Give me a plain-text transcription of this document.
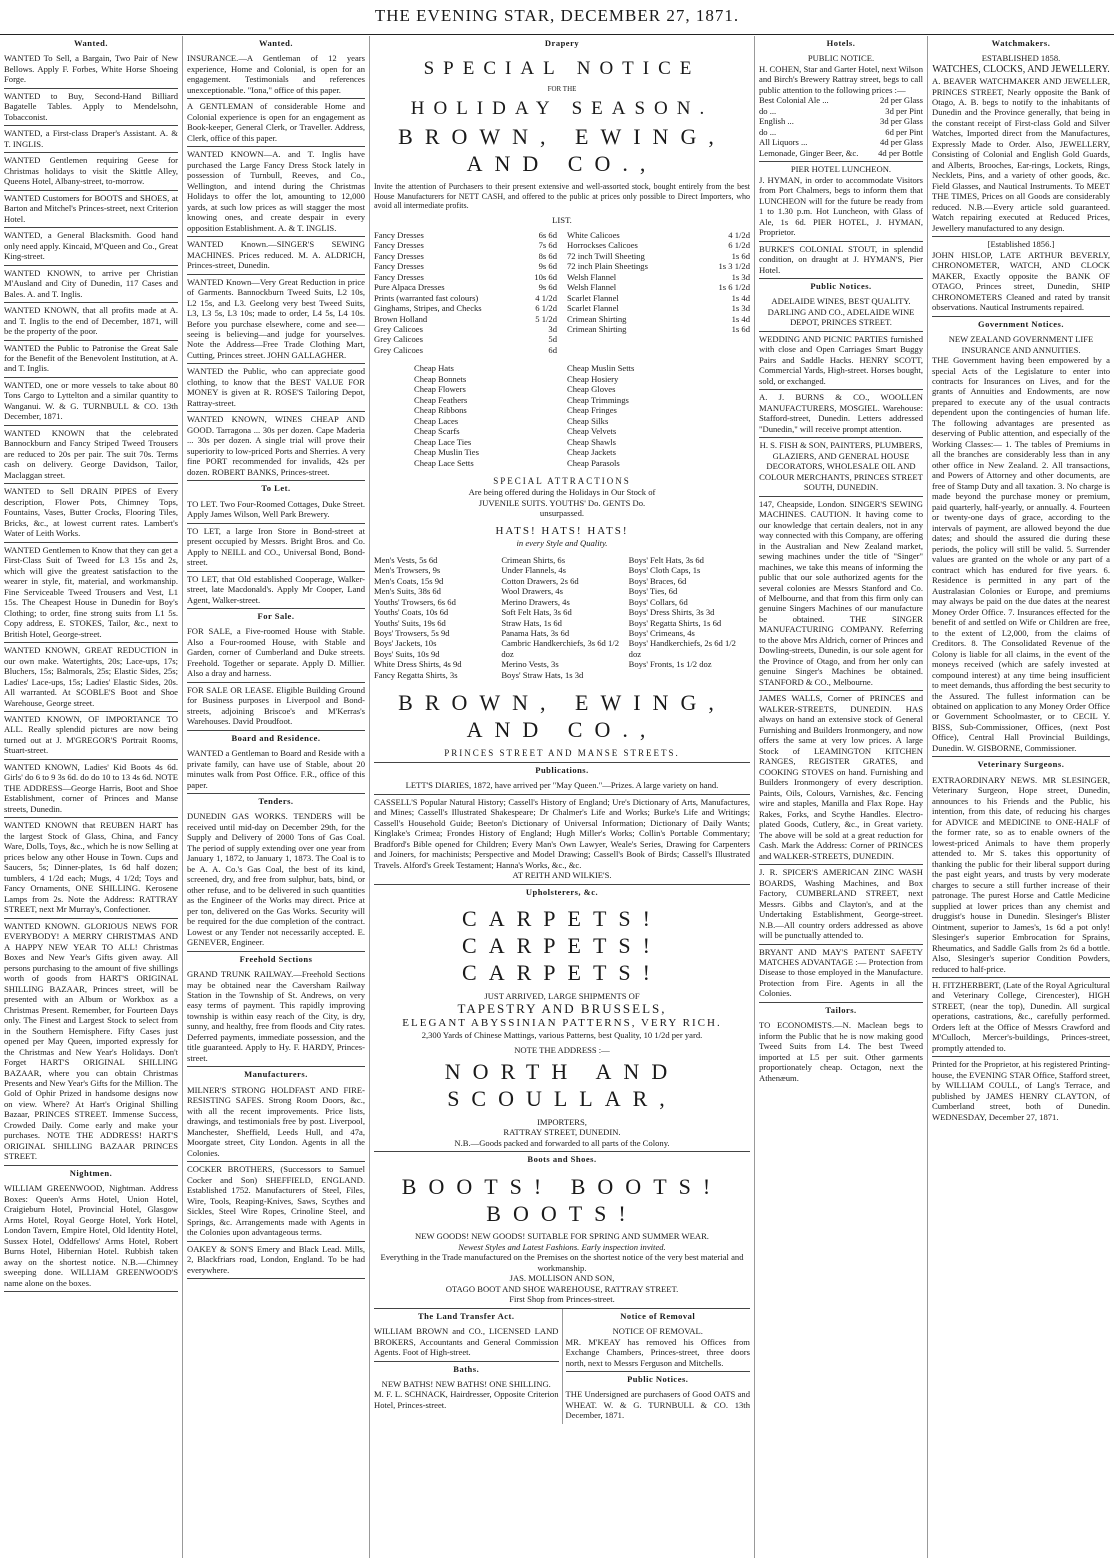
THE EVENING STAR, DECEMBER 27, 1871.
Wanted.

WANTED To Sell, a Bargain, Two Pair of New Bellows. Apply F. Forbes, White Horse Shoeing Forge.

WANTED to Buy, Second-Hand Billiard Bagatelle Tables. Apply to Mendelsohn, Tobacconist.

WANTED, a First-class Draper's Assistant. A. & T. INGLIS.

WANTED Gentlemen requiring Geese for Christmas holidays to visit the Skittle Alley, Queens Hotel, Albany-street, to-morrow.

WANTED Customers for BOOTS and SHOES, at Barton and Mitchel's Princes-street, next Criterion Hotel.

WANTED, a General Blacksmith. Good hand only need apply. Kincaid, M'Queen and Co., Great King-street.

WANTED KNOWN, to arrive per Christian M'Ausland and City of Dunedin, 117 Cases and Bales. A. and T. Inglis.

WANTED KNOWN, that all profits made at A. and T. Inglis to the end of December, 1871, will be the property of the poor.

WANTED the Public to Patronise the Great Sale for the Benefit of the Benevolent Institution, at A. and T. Inglis.

WANTED, one or more vessels to take about 80 Tons Cargo to Lyttelton and a similar quantity to Wanganui. W. & G. TURNBULL & CO. 13th December, 1871.

WANTED KNOWN that the celebrated Bannockburn and Fancy Striped Tweed Trousers are reduced to 20s per pair. The suit 70s. Terms cash on delivery. George Davidson, Tailor, Maclaggan street.

WANTED to Sell DRAIN PIPES of Every description, Flower Pots, Chimney Tops, Fountains, Vases, Butter Crocks, Flooring Tiles, Bricks, &c., at lowest current rates. Lambert's Water of Leith Works.

WANTED Gentlemen to Know that they can get a First-Class Suit of Tweed for L3 15s and 2s, which will give the greatest satisfaction to the wearer in style, fit, material, and workmanship. Fine Serviceable Tweed Trousers and Vest, L1 15s. The Cheapest House in Dunedin for Boy's Clothing; to order, fine strong suits from L1 5s. Copy address, E. STOKES, Tailor, &c., next to British Hotel, George-street.

WANTED KNOWN, GREAT REDUCTION in our own make. Watertights, 20s; Lace-ups, 17s; Bluchers, 15s; Balmorals, 25s; Elastic Sides, 25s; Ladies' Lace-ups, 15s; Ladies' Elastic Sides, 20s. All warranted. At SCOBLE'S Boot and Shoe Warehouse, George street.

WANTED KNOWN, OF IMPORTANCE TO ALL. Really splendid pictures are now being turned out at J. M'GREGOR'S Portrait Rooms, Stuart-street.

WANTED KNOWN, Ladies' Kid Boots 4s 6d. Girls' do 6 to 9 3s 6d. do do 10 to 13 4s 6d. NOTE THE ADDRESS—George Harris, Boot and Shoe Establishment, corner of Princes and Manse streets, Dunedin.

WANTED KNOWN that REUBEN HART has the largest Stock of Glass, China, and Fancy Ware, Dolls, Toys, &c., which he is now Selling at prices below any other House in Town. Cups and Saucers, 5s; Dinner-plates, 1s 6d half dozen; tumblers, 4 1/2d each; Mugs, 4 1/2d; Toys and Fancy Ornaments, ONE SHILLING. Kerosene Lamps from 2s. Note the Address: RATTRAY STREET, next Mr Murray's, Confectioner.

WANTED KNOWN. GLORIOUS NEWS FOR EVERYBODY! A MERRY CHRISTMAS AND A HAPPY NEW YEAR TO ALL! Christmas Boxes and New Year's Gifts given away. All persons purchasing to the amount of five shillings worth of goods from HART'S ORIGINAL SHILLING BAZAAR, Princes street, will be presented with an Album or Workbox as a Christmas Present. Remember, for Fourteen Days only. The Finest and Largest Stock to select from in the Southern Hemisphere. Fifty Cases just opened per May Queen, imported expressly for the Christmas and New Year's Holidays. Don't Forget HART'S ORIGINAL SHILLING BAZAAR, where you can obtain Christmas Presents and New Year's Gifts for the Million. The Gold of Ophir Prized in handsome designs now on view. Where? At Hart's Original Shilling Bazaar, PRINCES STREET. Immense Success, Crowded Daily. Come early and make your purchases. NOTE THE ADDRESS! HART'S ORIGINAL SHILLING BAZAAR PRINCES STREET.

Nightmen.

WILLIAM GREENWOOD, Nightman. Address Boxes: Queen's Arms Hotel, Union Hotel, Craigieburn Hotel, Provincial Hotel, Glasgow Arms Hotel, Royal George Hotel, York Hotel, London Tavern, Empire Hotel, Old Identity Hotel, Sussex Hotel, Oddfellows' Arms Hotel, Robert Burns Hotel, Hibernian Hotel. Rubbish taken away on the shortest notice. N.B.—Chimney sweeping done. WILLIAM GREENWOOD'S name alone on the boxes.

Wanted.

INSURANCE.—A Gentleman of 12 years experience, Home and Colonial, is open for an engagement. Testimonials and references unexceptionable. "Iona," office of this paper.

A GENTLEMAN of considerable Home and Colonial experience is open for an engagement as Book-keeper, General Clerk, or Traveller. Address, Clerk, office of this paper.

WANTED KNOWN—A. and T. Inglis have purchased the Large Fancy Dress Stock lately in possession of Turnbull, Reeves, and Co., Wellington, and intend during the Christmas Holidays to offer the lot, amounting to 12,000 yards, at such low prices as will stagger the most knowing ones, and create despair in every opposition Establishment. A. & T. INGLIS.

WANTED Known.—SINGER'S SEWING MACHINES. Prices reduced. M. A. ALDRICH, Princes-street, Dunedin.

WANTED Known—Very Great Reduction in price of Garments. Bannockburn Tweed Suits, L2 10s, L2 15s, and L3. Geelong very best Tweed Suits, L3, L3 5s, L3 10s; made to order, L4 5s, L4 10s. Before you purchase elsewhere, come and see—seeing is believing—and judge for yourselves. Note the Address—Free Trade Clothing Mart, Cutting, Princes street. JOHN GALLAGHER.

WANTED the Public, who can appreciate good clothing, to know that the BEST VALUE FOR MONEY is given at R. ROSE'S Tailoring Depot, Rattray-street.

WANTED KNOWN, WINES CHEAP AND GOOD. Tarragona ... 30s per dozen. Cape Maderia ... 30s per dozen. A single trial will prove their superiority to low-priced Ports and Sherries. A very fine PORT recommended for invalids, 42s per dozen. ROBERT BANKS, Princes-street.

To Let.

TO LET. Two Four-Roomed Cottages, Duke Street. Apply James Wilson, Well Park Brewery.

TO LET, a large Iron Store in Bond-street at present occupied by Messrs. Bright Bros. and Co. Apply to NEILL and CO., Universal Bond, Bond-street.

TO LET, that Old established Cooperage, Walker-street, late Macdonald's. Apply Mr Cooper, Land Agent, Walker-street.

For Sale.

FOR SALE, a Five-roomed House with Stable. Also a Four-roomed House, with Stable and Garden, corner of Cumberland and Duke streets. Freehold. Together or separate. Apply D. Millier. Also a dray and harness.

FOR SALE OR LEASE. Eligible Building Ground for Business purposes in Liverpool and Bond-streets, adjoining Briscoe's and M'Kerras's Warehouses. David Proudfoot.

Board and Residence.

WANTED a Gentleman to Board and Reside with a private family, can have use of Stable, about 20 minutes walk from Post Office. F.R., office of this paper.

Tenders.

DUNEDIN GAS WORKS. TENDERS will be received until mid-day on December 29th, for the Supply and Delivery of 2000 Tons of Gas Coal. The period of supply extending over one year from January 1, 1872, to January 1, 1873. The Coal is to be A. A. Co.'s Gas Coal, the best of its kind, screened, dry, and free from sulphur, bats, bind, or other refuse, and to be delivered in such quantities as the Engineer of the Works may direct. Price at per ton, delivered on the Gas Works. Security will be required for the due completion of the contract. Lowest or any Tender not necessarily accepted. E. GENEVER, Engineer.

Freehold Sections

GRAND TRUNK RAILWAY.—Freehold Sections may be obtained near the Caversham Railway Station in the Township of St. Andrews, on very easy terms of payment. This rapidly improving township is within easy reach of the City, is dry, sunny, and healthy, free from floods and City rates. Deferred payments, immediate possession, and the title guaranteed. Apply to Hy. F. HARDY, Princes-street.

Manufacturers.

MILNER'S STRONG HOLDFAST AND FIRE-RESISTING SAFES. Strong Room Doors, &c., with all the recent improvements. Price lists, drawings, and testimonials free by post. Liverpool, Manchester, Sheffield, Leeds Hull, and 47a, Moorgate street, City London. Agents in all the Colonies.

COCKER BROTHERS, (Successors to Samuel Cocker and Son) SHEFFIELD, ENGLAND. Established 1752. Manufacturers of Steel, Files, Wire, Tools, Reaping-Knives, Saws, Scythes and Sickles, Steel Wire Ropes, Crinoline Steel, and Springs, &c. Arrangements made with Agents in the Colonies upon advantageous terms.

OAKEY & SON'S Emery and Black Lead. Mills, 2, Blackfriars road, London, England. To be had everywhere.

Drapery
SPECIAL NOTICE
FOR THE
HOLIDAY SEASON.
BROWN, EWING, AND CO.,

Invite the attention of Purchasers to their present extensive and well-assorted stock, bought entirely from the best House Manufacturers for NETT CASH, and offered to the public at prices only possible to Direct Importers, who avoid all intermediate profits.

LIST.
Fancy Dresses	6s 6d
Fancy Dresses	7s 6d
Fancy Dresses	8s 6d
Fancy Dresses	9s 6d
Fancy Dresses	10s 6d
Pure Alpaca Dresses	9s 6d
Prints (warranted fast colours)	4 1/2d
Ginghams, Stripes, and Checks	6 1/2d
Brown Holland	5 1/2d
Grey Calicoes	3d
Grey Calicoes	5d
Grey Calicoes	6d
White Calicoes	4 1/2d
Horrockses Calicoes	6 1/2d
72 inch Twill Sheeting	1s 6d
72 inch Plain Sheetings	1s 3 1/2d
Welsh Flannel	1s 3d
Welsh Flannel	1s 6 1/2d
Scarlet Flannel	1s 4d
Scarlet Flannel	1s 3d
Crimean Shirting	1s 4d
Crimean Shirting	1s 6d
Cheap Hats
Cheap Bonnets
Cheap Flowers
Cheap Feathers
Cheap Ribbons
Cheap Laces
Cheap Scarfs
Cheap Lace Ties
Cheap Muslin Ties
Cheap Lace Setts
Cheap Muslin Setts
Cheap Hosiery
Cheap Gloves
Cheap Trimmings
Cheap Fringes
Cheap Silks
Cheap Velvets
Cheap Shawls
Cheap Jackets
Cheap Parasols
SPECIAL ATTRACTIONS
Are being offered during the Holidays in Our Stock of
JUVENILE SUITS. YOUTHS' Do. GENTS Do.
unsurpassed.
HATS! HATS! HATS!
in every Style and Quality.
Men's Vests, 5s 6d
Men's Trowsers, 9s
Men's Coats, 15s 9d
Men's Suits, 38s 6d
Youths' Trowsers, 6s 6d
Youths' Coats, 10s 6d
Youths' Suits, 19s 6d
Boys' Trowsers, 5s 9d
Boys' Jackets, 10s
Boys' Suits, 10s 9d
White Dress Shirts, 4s 9d
Fancy Regatta Shirts, 3s
Crimean Shirts, 6s
Under Flannels, 4s
Cotton Drawers, 2s 6d
Wool Drawers, 4s
Merino Drawers, 4s
Soft Felt Hats, 3s 6d
Straw Hats, 1s 6d
Panama Hats, 3s 6d
Cambric Handkerchiefs, 3s 6d 1/2 doz
Merino Vests, 3s
Boys' Straw Hats, 1s 3d
Boys' Felt Hats, 3s 6d
Boys' Cloth Caps, 1s
Boys' Braces, 6d
Boys' Ties, 6d
Boys' Collars, 6d
Boys' Dress Shirts, 3s 3d
Boys' Regatta Shirts, 1s 6d
Boys' Crimeans, 4s
Boys' Handkerchiefs, 2s 6d 1/2 doz
Boys' Fronts, 1s 1/2 doz
BROWN, EWING, AND CO.,
PRINCES STREET AND MANSE STREETS.
Publications.

LETT'S DIARIES, 1872, have arrived per "May Queen."—Prizes. A large variety on hand.

CASSELL'S Popular Natural History; Cassell's History of England; Ure's Dictionary of Arts, Manufactures, and Mines; Cassell's Illustrated Shakespeare; Dr Chalmer's Life and Works; Burke's Life and Writings; Cassell's Household Guide; Beeton's Dictionary of Universal Information; Dictionary of Daily Wants; Kinglake's Crimea; Frondes History of England; Hugh Miller's Works; Collin's Portable Commentary; Bradford's Bible opened for Children; Every Man's Own Lawyer, Weale's Series, Drawing for Carpenters and Joiners, for machinists; Perspective and Model Drawing; Cassell's Book of Birds; Cassell's Illustrated Travels. Alford's Greek Testament; Hanna's Works, &c., &c.

AT REITH AND WILKIE'S.

Upholsterers, &c.
CARPETS! CARPETS! CARPETS!
JUST ARRIVED, LARGE SHIPMENTS OF
TAPESTRY AND BRUSSELS,
ELEGANT ABYSSINIAN PATTERNS, VERY RICH.
2,300 Yards of Chinese Mattings, various Patterns, best Quality, 10 1/2d per yard.
NOTE THE ADDRESS :—
NORTH AND SCOULLAR,
IMPORTERS,
RATTRAY STREET, DUNEDIN.
N.B.—Goods packed and forwarded to all parts of the Colony.
Boots and Shoes.
BOOTS! BOOTS! BOOTS!
NEW GOODS! NEW GOODS! SUITABLE FOR SPRING AND SUMMER WEAR.
Newest Styles and Latest Fashions. Early inspection invited.
Everything in the Trade manufactured on the Premises on the shortest notice of the very best material and workmanship.
JAS. MOLLISON AND SON,
OTAGO BOOT AND SHOE WAREHOUSE, RATTRAY STREET.
First Shop from Princes-street.
The Land Transfer Act.

WILLIAM BROWN and CO., LICENSED LAND BROKERS, Accountants and General Commission Agents. Foot of High-street.

Baths.

NEW BATHS! NEW BATHS! ONE SHILLING.

M. F. L. SCHNACK, Hairdresser, Opposite Criterion Hotel, Princes-street.

Notice of Removal

NOTICE OF REMOVAL.

MR. M'KEAY has removed his Offices from Exchange Chambers, Princes-street, three doors north, next to Messrs Ferguson and Mitchells.

Public Notices.

THE Undersigned are purchasers of Good OATS and WHEAT. W. & G. TURNBULL & CO. 13th December, 1871.

Hotels.

PUBLIC NOTICE.

H. COHEN, Star and Garter Hotel, next Wilson and Birch's Brewery Rattray street, begs to call public attention to the following prices :—

Best Colonial Ale ...	2d per Glass
do ...	3d per Pint
English ...	3d per Glass
do ...	6d per Pint
All Liquors ...	4d per Glass
Lemonade, Ginger Beer, &c. 4d per Bottle

PIER HOTEL LUNCHEON.

J. HYMAN, in order to accommodate Visitors from Port Chalmers, begs to inform them that LUNCHEON will for the future be ready from 1 to 1.30 p.m. Hot Luncheon, with Glass of Ale, 1s 6d. PIER HOTEL, J. HYMAN, Proprietor.

BURKE'S COLONIAL STOUT, in splendid condition, on draught at J. HYMAN'S, Pier Hotel.

Public Notices.

ADELAIDE WINES, BEST QUALITY. DARLING AND CO., ADELAIDE WINE DEPOT, PRINCES STREET.

WEDDING AND PICNIC PARTIES furnished with close and Open Carriages Smart Buggy Pairs and Saddle Hacks. HENRY SCOTT, Commercial Yards, High-street. Horses bought, sold, or exchanged.

A. J. BURNS & CO., WOOLLEN MANUFACTURERS, MOSGIEL. Warehouse: Stafford-street, Dunedin. Letters addressed "Dunedin," will receive prompt attention.

H. S. FISH & SON, PAINTERS, PLUMBERS, GLAZIERS, AND GENERAL HOUSE DECORATORS, WHOLESALE OIL AND COLOUR MERCHANTS, PRINCES STREET SOUTH, DUNEDIN.

147, Cheapside, London. SINGER'S SEWING MACHINES. CAUTION. It having come to our knowledge that certain dealers, not in any way connected with this Company, are offering in the Australian and New Zealand market, sewing machines under the title of "Singer" machines, we take this means of informing the public that our sole authorized agents for the several colonies are Messrs Stanford and Co. of Melbourne, and that from this firm only can genuine Singers Machines of our manufacture be obtained. THE SINGER MANUFACTURING COMPANY. Referring to the above Mrs Aldrich, corner of Princes and Dowling-streets, Dunedin, is our sole agent for the Province of Otago, and from her only can genuine Singer's Machines be obtained. STANFORD & CO., Melbourne.

JAMES WALLS, Corner of PRINCES and WALKER-STREETS, DUNEDIN. HAS always on hand an extensive stock of General Furnishing and Builders Ironmongery, and now offers the same at very low prices. A large Stock of LEAMINGTON KITCHEN RANGES, REGISTER GRATES, and COOKING STOVES on hand. Furnishing and Builders Ironmongery of every description. Paints, Oils, Colours, Varnishes, &c. Fencing wire and staples, Manilla and Flax Rope. Hay Rakes, Forks, and Scythe Handles. Electro-plated Goods, Cutlery, &c., in Great variety. The above will be sold at a great reduction for Cash. Mark the Address: Corner of PRINCES and WALKER-STREETS, DUNEDIN.

J. R. SPICER'S AMERICAN ZINC WASH BOARDS, Washing Machines, and Box Factory, CUMBERLAND STREET, next Messrs. Gibbs and Clayton's, and at the Undertaking Establishment, George-street. N.B.—All country orders addressed as above will be punctually attended to.

BRYANT AND MAY'S PATENT SAFETY MATCHES ADVANTAGE :— Protection from Disease to those employed in the Manufacture. Protection from Fire. Agents in all the Colonies.

Tailors.

TO ECONOMISTS.—N. Maclean begs to inform the Public that he is now making good Tweed Suits from L4. The best Tweed imported at L5 per suit. Other garments proportionately cheap. Octagon, next the Athenæum.

Watchmakers.

ESTABLISHED 1858.

WATCHES, CLOCKS, AND JEWELLERY.

A. BEAVER WATCHMAKER AND JEWELLER, PRINCES STREET, Nearly opposite the Bank of Otago, A. B. begs to notify to the inhabitants of Dunedin and the Province generally, that being in the constant receipt of First-class Gold and Silver Watches, Imported direct from the Manufactures, Expressly Made to Order. Also, JEWELLERY, Consisting of Colonial and English Gold Guards, and Alberts, Brooches, Ear-rings, Lockets, Rings, Necklets, Pins, and a variety of other goods, &c. Field Glasses, and Nautical Instruments. To MEET THE TIMES, Prices on all Goods are considerably reduced. N.B.—Every article sold guaranteed. Watch repairing executed at Reduced Prices, Jewellery manufactured to any design.

[Established 1856.]

JOHN HISLOP, LATE ARTHUR BEVERLY, CHRONOMETER, WATCH, AND CLOCK MAKER, Exactly opposite the BANK OF OTAGO, Princes street, Dunedin, SHIP CHRONOMETERS Cleaned and rated by transit observations. Nautical Instruments repaired.

Government Notices.

NEW ZEALAND GOVERNMENT LIFE INSURANCE AND ANNUITIES.

THE Government having been empowered by a special Acts of the Legislature to enter into contracts for Insurances on Lives, and for the grants of Annuities and Endowments, are now prepared to execute any of the usual contracts dependent upon the contingencies of human life. The following advantages are presented as deserving of Public attention, and especially of the Working Classes:— 1. The tables of Premiums in all the branches are considerably less than in any other office in New Zealand. 2. All transactions, and Powers of Attorney and other documents, are free of Stamp Duty and all taxation. 3. No charge is made beyond the purchase money or premium, paid quarterly, half-yearly, or annually. 4. Fourteen or twenty-one days of grace, according to the intervals of payment, are allowed beyond the due dates; and should the assured die during these periods, the policy will still be valid. 5. Surrender values are granted on the whole or any part of a contract which has endured for five years. 6. Residence is permitted in any part of the Australasian Colonies or Europe, and premiums may always be paid on the due dates at the nearest Money Order Office. 7. Insurances effected for the benefit of and settled on Wife or Children are free, to the extent of L2,000, from the claims of Creditors. 8. The Consolidated Revenue of the Colony is liable for all claims, in the event of the moneys received (which are safely invested at compound interest) at any time being insufficient to meet demands, thus affording the best security to the Assured. The fullest information can be obtained on application to any Money Order Office or Government Schoolmaster, or to CECIL Y. BISS, Sub-Commissioner, Offices, (next Post Office), Central Hall Provincial Buildings, Dunedin. W. GISBORNE, Commissioner.

Veterinary Surgeons.

EXTRAORDINARY NEWS. MR SLESINGER, Veterinary Surgeon, Hope street, Dunedin, announces to his Friends and the Public, his intention, from this date, of reducing his charges for ADVICE and MEDICINE to ONE-HALF of the former rate, so as to enable owners of the lowest-priced Animals to have them properly attended to. Mr S. takes this opportunity of thanking the public for their liberal support during the past eight years, and trusts by very moderate charges to secure a still further increase of their patronage. The purest Horse and Cattle Medicine supplied at lower prices than any chemist and druggist's house in Dunedin. Slesinger's Blister Ointment, superior to James's, 1s 6d a pot only! Slesinger's superior Embrocation for Sprains, Rheumatics, and Saddle Galls from 2s 6d a bottle. Also, Slesinger's superior Condition Powders, reduced to half-price.

H. FITZHERBERT, (Late of the Royal Agricultural and Veterinary College, Cirencester), HIGH STREET, (near the top), Dunedin. All surgical operations, castrations, &c., carefully performed. Orders left at the Office of Messrs Crawford and M'Culloch, Mercer's-buildings, Princes-street, promptly attended to.

Printed for the Proprietor, at his registered Printing-house, the EVENING STAR Office, Stafford street, by WILLIAM COULL, of Lang's Terrace, and published by JAMES HENRY CLAYTON, of Cumberland street, both of Dunedin. WEDNESDAY, December 27, 1871.
